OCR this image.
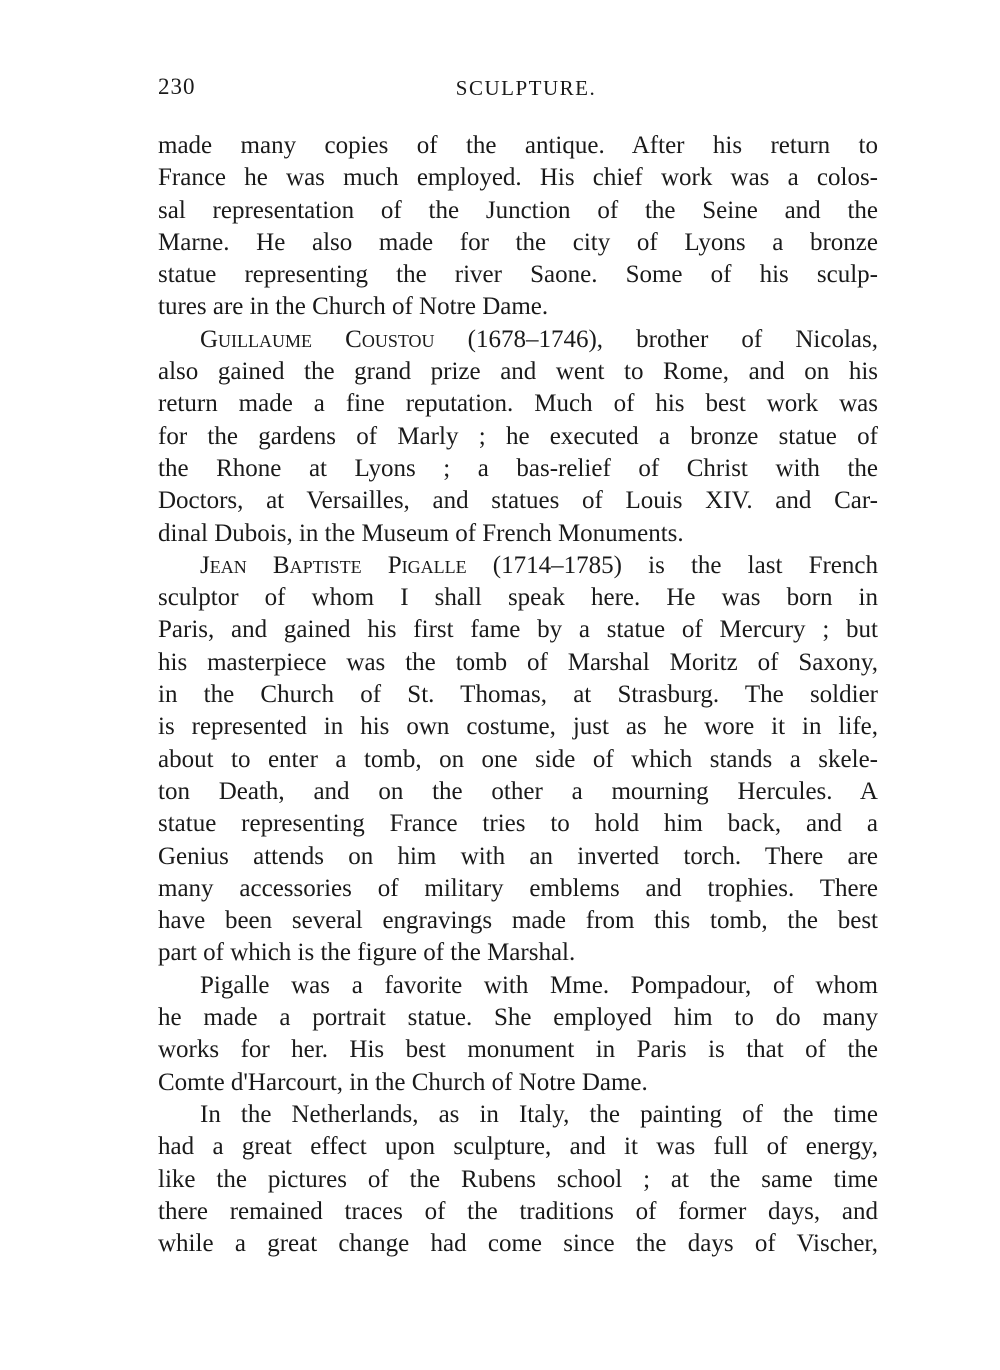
230	SCULPTURE.
made many copies of the antique. After his return to
France he was much employed. His chief work was a colos-
sal representation of the Junction of the Seine and the
Marne. He also made for the city of Lyons a bronze
statue representing the river Saone. Some of his sculp-
tures are in the Church of Notre Dame.
Guillaume Coustou (1678–1746), brother of Nicolas,
also gained the grand prize and went to Rome, and on his
return made a fine reputation. Much of his best work was
for the gardens of Marly ; he executed a bronze statue of
the Rhone at Lyons ; a bas-relief of Christ with the
Doctors, at Versailles, and statues of Louis XIV. and Car-
dinal Dubois, in the Museum of French Monuments.
Jean Baptiste Pigalle (1714–1785) is the last French
sculptor of whom I shall speak here. He was born in
Paris, and gained his first fame by a statue of Mercury ; but
his masterpiece was the tomb of Marshal Moritz of Saxony,
in the Church of St. Thomas, at Strasburg. The soldier
is represented in his own costume, just as he wore it in life,
about to enter a tomb, on one side of which stands a skele-
ton Death, and on the other a mourning Hercules. A
statue representing France tries to hold him back, and a
Genius attends on him with an inverted torch. There are
many accessories of military emblems and trophies. There
have been several engravings made from this tomb, the best
part of which is the figure of the Marshal.
Pigalle was a favorite with Mme. Pompadour, of whom
he made a portrait statue. She employed him to do many
works for her. His best monument in Paris is that of the
Comte d'Harcourt, in the Church of Notre Dame.
In the Netherlands, as in Italy, the painting of the time
had a great effect upon sculpture, and it was full of energy,
like the pictures of the Rubens school ; at the same time
there remained traces of the traditions of former days, and
while a great change had come since the days of Vischer,
